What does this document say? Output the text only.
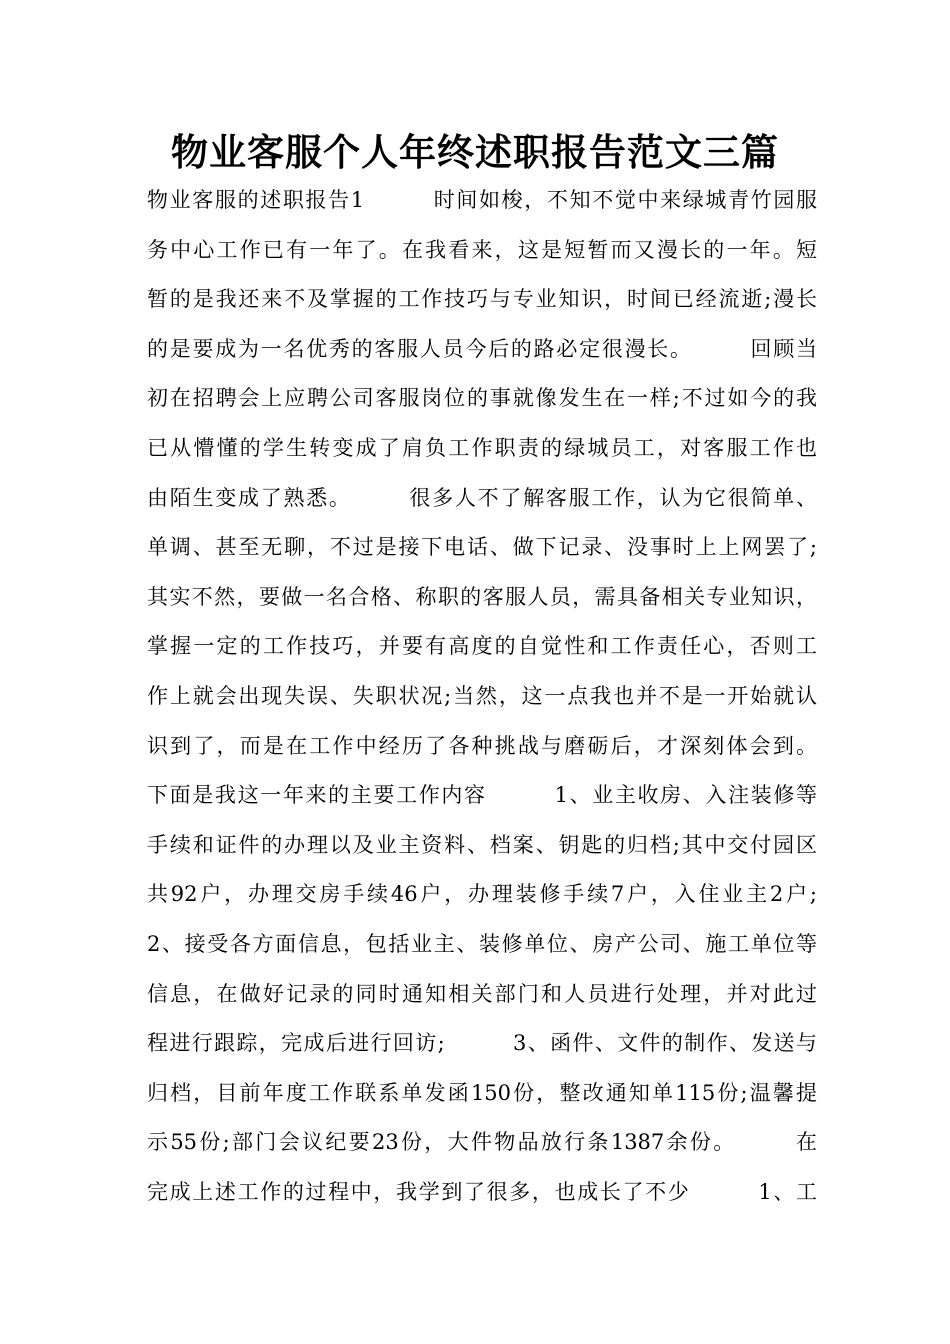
物业客服个人年终述职报告范文三篇
物业客服的述职报告1　　　时间如梭，不知不觉中来绿城青竹园服
务中心工作已有一年了。在我看来，这是短暂而又漫长的一年。短
暂的是我还来不及掌握的工作技巧与专业知识，时间已经流逝;漫长
的是要成为一名优秀的客服人员今后的路必定很漫长。　　　回顾当
初在招聘会上应聘公司客服岗位的事就像发生在一样;不过如今的我
已从懵懂的学生转变成了肩负工作职责的绿城员工，对客服工作也
由陌生变成了熟悉。　　　很多人不了解客服工作，认为它很简单、
单调、甚至无聊，不过是接下电话、做下记录、没事时上上网罢了;
其实不然，要做一名合格、称职的客服人员，需具备相关专业知识，
掌握一定的工作技巧，并要有高度的自觉性和工作责任心，否则工
作上就会出现失误、失职状况;当然，这一点我也并不是一开始就认
识到了，而是在工作中经历了各种挑战与磨砺后，才深刻体会到。
下面是我这一年来的主要工作内容　　　1、业主收房、入注装修等
手续和证件的办理以及业主资料、档案、钥匙的归档;其中交付园区
共92户，办理交房手续46户，办理装修手续7户，入住业主2户;
2、接受各方面信息，包括业主、装修单位、房产公司、施工单位等
信息，在做好记录的同时通知相关部门和人员进行处理，并对此过
程进行跟踪，完成后进行回访;　　　3、函件、文件的制作、发送与
归档，目前年度工作联系单发函150份，整改通知单115份;温馨提
示55份;部门会议纪要23份，大件物品放行条1387余份。　　　在
完成上述工作的过程中，我学到了很多，也成长了不少　　　1、工
